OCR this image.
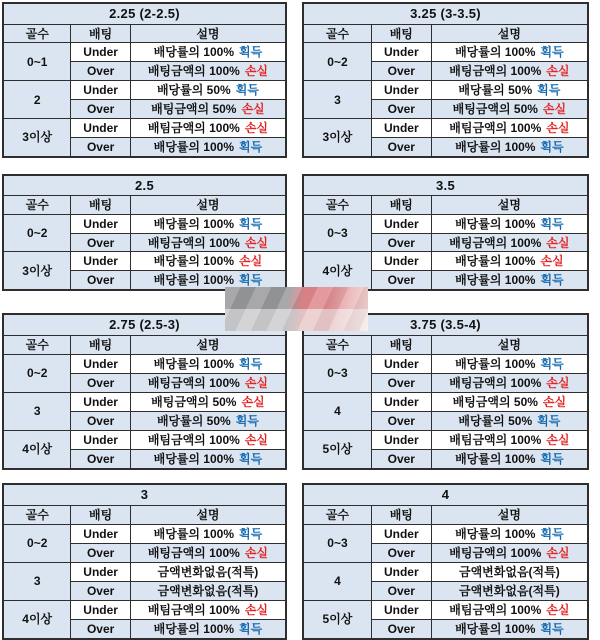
2.25 (2-2.5)		
골수	배팅	설명
0~1	Under	배당률의 100% 획득
	Over	배팅금액의 100% 손실
2	Under	배당률의 50% 획득
	Over	배팅금액의 50% 손실
3이상	Under	배팀금액의 100% 손실
	Over	배당률의 100% 획득
3.25 (3-3.5)		
골수	배팅	설명
0~2	Under	배당률의 100% 획득
	Over	배팅금액의 100% 손실
3	Under	배당률의 50% 획득
	Over	배팅금액의 50% 손실
3이상	Under	배팀금액의 100% 손실
	Over	배당률의 100% 획득
2.5		
골수	배팅	설명
0~2	Under	배당률의 100% 획득
	Over	배팅금액의 100% 손실
3이상	Under	배당률의 100% 손실
	Over	배당률의 100% 획득
3.5		
골수	배팅	설명
0~3	Under	배당률의 100% 획득
	Over	배팅금액의 100% 손실
4이상	Under	배당률의 100% 손실
	Over	배당률의 100% 획득
2.75 (2.5-3)		
골수	배팅	설명
0~2	Under	배당률의 100% 획득
	Over	배팅금액의 100% 손실
3	Under	배팅금액의 50% 손실
	Over	배당률의 50% 획득
4이상	Under	배팀금액의 100% 손실
	Over	배당률의 100% 획득
3.75 (3.5-4)		
골수	배팅	설명
0~3	Under	배당률의 100% 획득
	Over	배팅금액의 100% 손실
4	Under	배팅금액의 50% 손실
	Over	배당률의 50% 획득
5이상	Under	배팀금액의 100% 손실
	Over	배당률의 100% 획득
3		
골수	배팅	설명
0~2	Under	배당률의 100% 획득
	Over	배팅금액의 100% 손실
3	Under	금액변화없음(적특)
	Over	금액변화없음(적특)
4이상	Under	배팀금액의 100% 손실
	Over	배당률의 100% 획득
4		
골수	배팅	설명
0~3	Under	배당률의 100% 획득
	Over	배팅금액의 100% 손실
4	Under	금액변화없음(적특)
	Over	금액변화없음(적특)
5이상	Under	배팀금액의 100% 손실
	Over	배당률의 100% 획득
